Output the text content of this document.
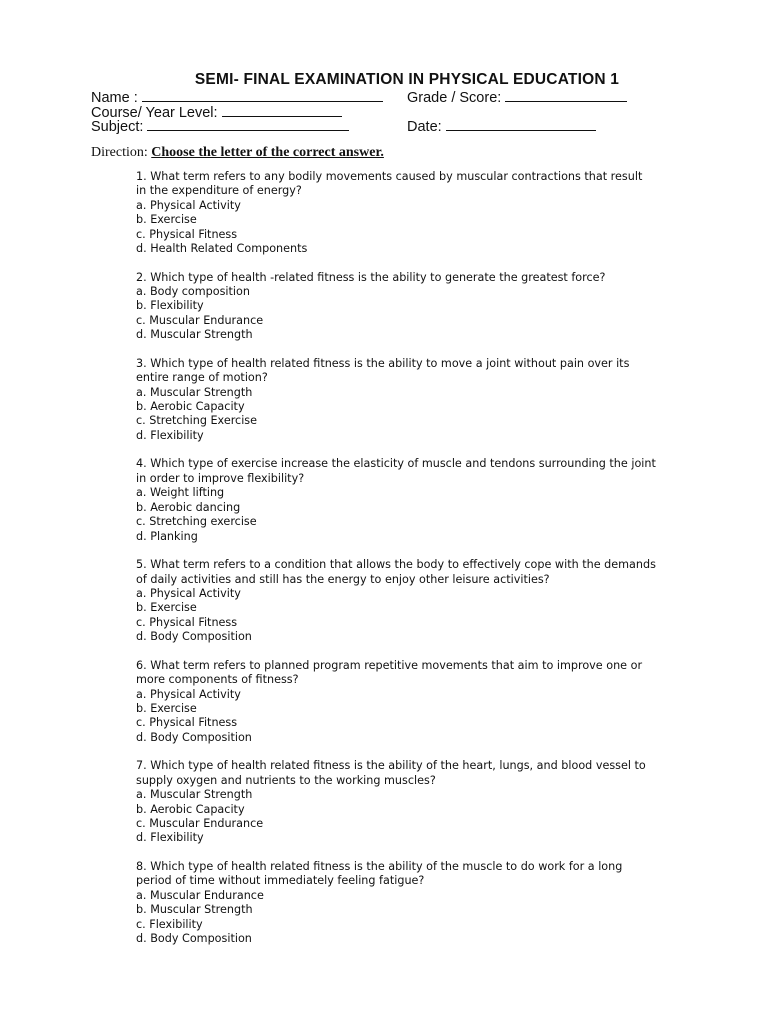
SEMI- FINAL EXAMINATION IN PHYSICAL EDUCATION 1
Name :	Grade / Score:
Course/ Year Level:
Subject:	Date:
Direction: Choose the letter of the correct answer.

1. What term refers to any bodily movements caused by muscular contractions that result in the expenditure of energy?

a. Physical Activity

b. Exercise

c. Physical Fitness

d. Health Related Components

2. Which type of health -related fitness is the ability to generate the greatest force?

a. Body composition

b. Flexibility

c. Muscular Endurance

d. Muscular Strength

3. Which type of health related fitness is the ability to move a joint without pain over its entire range of motion?

a. Muscular Strength

b. Aerobic Capacity

c. Stretching Exercise

d. Flexibility

4. Which type of exercise increase the elasticity of muscle and tendons surrounding the joint in order to improve flexibility?

a. Weight lifting

b. Aerobic dancing

c. Stretching exercise

d. Planking

5. What term refers to a condition that allows the body to effectively cope with the demands of daily activities and still has the energy to enjoy other leisure activities?

a. Physical Activity

b. Exercise

c. Physical Fitness

d. Body Composition

6. What term refers to planned program repetitive movements that aim to improve one or more components of fitness?

a. Physical Activity

b. Exercise

c. Physical Fitness

d. Body Composition

7. Which type of health related fitness is the ability of the heart, lungs, and blood vessel to supply oxygen and nutrients to the working muscles?

a. Muscular Strength

b. Aerobic Capacity

c. Muscular Endurance

d. Flexibility

8. Which type of health related fitness is the ability of the muscle to do work for a long period of time without immediately feeling fatigue?

a. Muscular Endurance

b. Muscular Strength

c. Flexibility

d. Body Composition
